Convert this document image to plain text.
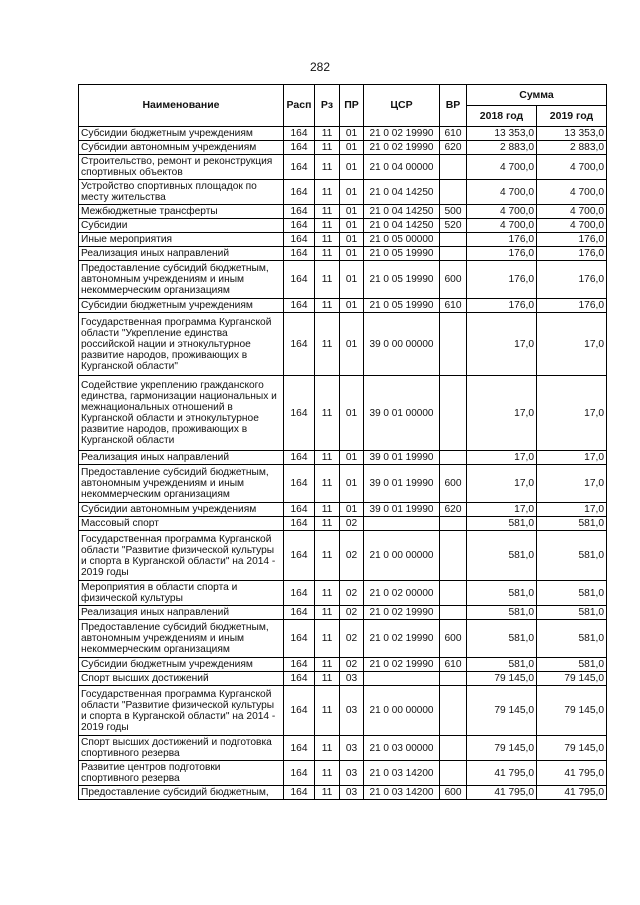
282
Наименование	Расп	Рз	ПР	ЦСР	ВР	Сумма	
						2018 год	2019 год
Субсидии бюджетным учреждениям	164	11	01	21 0 02 19990	610	13 353,0	13 353,0
Субсидии автономным учреждениям	164	11	01	21 0 02 19990	620	2 883,0	2 883,0
Строительство, ремонт и реконструкция спортивных объектов	164	11	01	21 0 04 00000		4 700,0	4 700,0
Устройство спортивных площадок по месту жительства	164	11	01	21 0 04 14250		4 700,0	4 700,0
Межбюджетные трансферты	164	11	01	21 0 04 14250	500	4 700,0	4 700,0
Субсидии	164	11	01	21 0 04 14250	520	4 700,0	4 700,0
Иные мероприятия	164	11	01	21 0 05 00000		176,0	176,0
Реализация иных направлений	164	11	01	21 0 05 19990		176,0	176,0
Предоставление субсидий бюджетным, автономным учреждениям и иным некоммерческим организациям	164	11	01	21 0 05 19990	600	176,0	176,0
Субсидии бюджетным учреждениям	164	11	01	21 0 05 19990	610	176,0	176,0
Государственная программа Курганской области "Укрепление единства российской нации и этнокультурное развитие народов, проживающих в Курганской области"	164	11	01	39 0 00 00000		17,0	17,0
Содействие укреплению гражданского единства, гармонизации национальных и межнациональных отношений в Курганской области и этнокультурное развитие народов, проживающих в Курганской области	164	11	01	39 0 01 00000		17,0	17,0
Реализация иных направлений	164	11	01	39 0 01 19990		17,0	17,0
Предоставление субсидий бюджетным, автономным учреждениям и иным некоммерческим организациям	164	11	01	39 0 01 19990	600	17,0	17,0
Субсидии автономным учреждениям	164	11	01	39 0 01 19990	620	17,0	17,0
Массовый спорт	164	11	02			581,0	581,0
Государственная программа Курганской области "Развитие физической культуры и спорта в Курганской области" на 2014 - 2019 годы	164	11	02	21 0 00 00000		581,0	581,0
Мероприятия в области спорта и физической культуры	164	11	02	21 0 02 00000		581,0	581,0
Реализация иных направлений	164	11	02	21 0 02 19990		581,0	581,0
Предоставление субсидий бюджетным, автономным учреждениям и иным некоммерческим организациям	164	11	02	21 0 02 19990	600	581,0	581,0
Субсидии бюджетным учреждениям	164	11	02	21 0 02 19990	610	581,0	581,0
Спорт высших достижений	164	11	03			79 145,0	79 145,0
Государственная программа Курганской области "Развитие физической культуры и спорта в Курганской области" на 2014 - 2019 годы	164	11	03	21 0 00 00000		79 145,0	79 145,0
Спорт высших достижений и подготовка спортивного резерва	164	11	03	21 0 03 00000		79 145,0	79 145,0
Развитие центров подготовки спортивного резерва	164	11	03	21 0 03 14200		41 795,0	41 795,0
Предоставление субсидий бюджетным,	164	11	03	21 0 03 14200	600	41 795,0	41 795,0
